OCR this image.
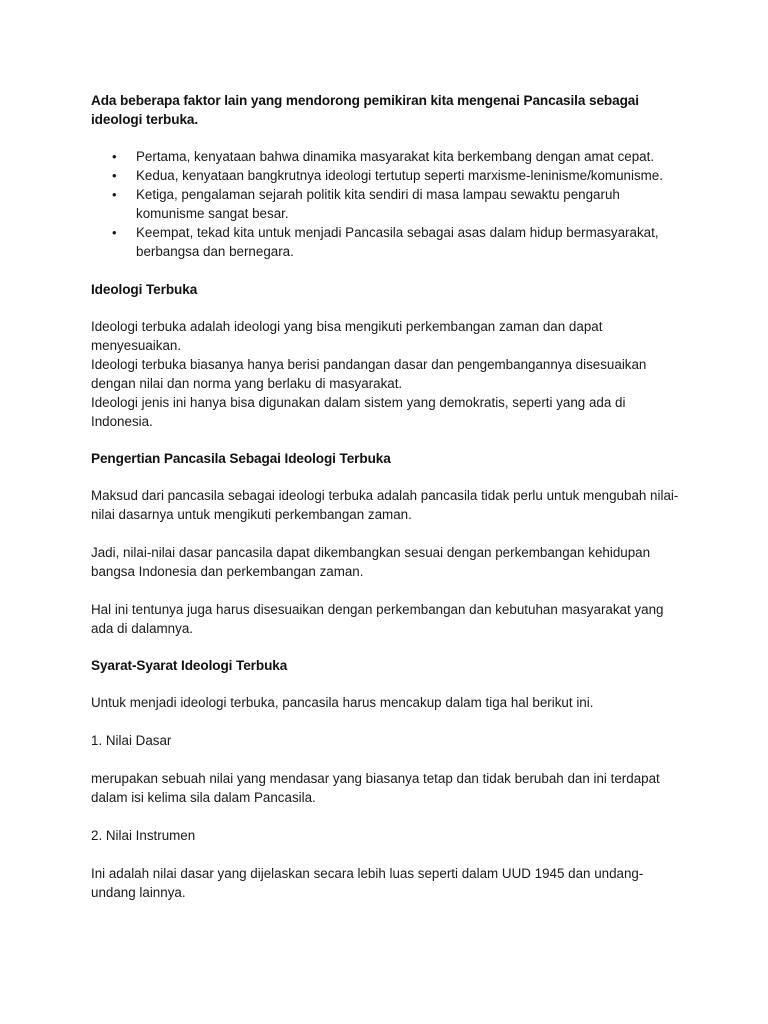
Ada beberapa faktor lain yang mendorong pemikiran kita mengenai Pancasila sebagai ideologi terbuka.
• Pertama, kenyataan bahwa dinamika masyarakat kita berkembang dengan amat cepat.
• Kedua, kenyataan bangkrutnya ideologi tertutup seperti marxisme-leninisme/komunisme.
• Ketiga, pengalaman sejarah politik kita sendiri di masa lampau sewaktu pengaruh komunisme sangat besar.
• Keempat, tekad kita untuk menjadi Pancasila sebagai asas dalam hidup bermasyarakat, berbangsa dan bernegara.
Ideologi Terbuka

Ideologi terbuka adalah ideologi yang bisa mengikuti perkembangan zaman dan dapat menyesuaikan.

Ideologi terbuka biasanya hanya berisi pandangan dasar dan pengembangannya disesuaikan dengan nilai dan norma yang berlaku di masyarakat.

Ideologi jenis ini hanya bisa digunakan dalam sistem yang demokratis, seperti yang ada di Indonesia.

Pengertian Pancasila Sebagai Ideologi Terbuka

Maksud dari pancasila sebagai ideologi terbuka adalah pancasila tidak perlu untuk mengubah nilai-nilai dasarnya untuk mengikuti perkembangan zaman.

Jadi, nilai-nilai dasar pancasila dapat dikembangkan sesuai dengan perkembangan kehidupan bangsa Indonesia dan perkembangan zaman.

Hal ini tentunya juga harus disesuaikan dengan perkembangan dan kebutuhan masyarakat yang ada di dalamnya.

Syarat-Syarat Ideologi Terbuka

Untuk menjadi ideologi terbuka, pancasila harus mencakup dalam tiga hal berikut ini.

1. Nilai Dasar

merupakan sebuah nilai yang mendasar yang biasanya tetap dan tidak berubah dan ini terdapat dalam isi kelima sila dalam Pancasila.

2. Nilai Instrumen

Ini adalah nilai dasar yang dijelaskan secara lebih luas seperti dalam UUD 1945 dan undang-undang lainnya.
